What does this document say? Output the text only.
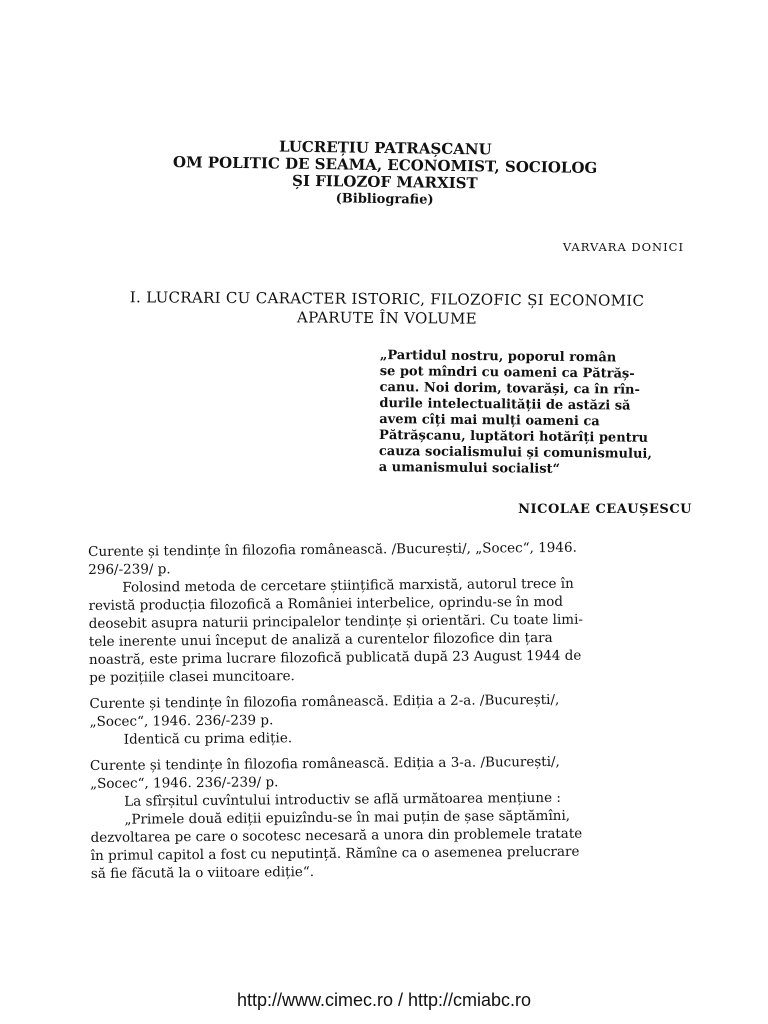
LUCREȚIU PATRAȘCANU
OM POLITIC DE SEAMA, ECONOMIST, SOCIOLOG
ȘI FILOZOF MARXIST
(Bibliografie)
VARVARA DONICI
I. LUCRARI CU CARACTER ISTORIC, FILOZOFIC ȘI ECONOMIC
APARUTE ÎN VOLUME
„Partidul nostru, poporul român
se pot mîndri cu oameni ca Pătrăș-
canu. Noi dorim, tovarăși, ca în rîn-
durile intelectualității de astăzi să
avem cîți mai mulți oameni ca
Pătrășcanu, luptători hotărîți pentru
cauza socialismului și comunismului,
a umanismului socialist“
NICOLAE CEAUȘESCU
Curente și tendințe în filozofia românească. /București/, „Socec“, 1946.
296/-239/ p.
Folosind metoda de cercetare științifică marxistă, autorul trece în
revistă producția filozofică a României interbelice, oprindu-se în mod
deosebit asupra naturii principalelor tendințe și orientări. Cu toate limi-
tele inerente unui început de analiză a curentelor filozofice din țara
noastră, este prima lucrare filozofică publicată după 23 August 1944 de
pe pozițiile clasei muncitoare.
Curente și tendințe în filozofia românească. Ediția a 2-a. /București/,
„Socec“, 1946. 236/-239 p.
Identică cu prima ediție.
Curente și tendințe în filozofia românească. Ediția a 3-a. /București/,
„Socec“, 1946. 236/-239/ p.
La sfîrșitul cuvîntului introductiv se află următoarea mențiune :
„Primele două ediții epuizîndu-se în mai puțin de șase săptămîni,
dezvoltarea pe care o socotesc necesară a unora din problemele tratate
în primul capitol a fost cu neputință. Rămîne ca o asemenea prelucrare
să fie făcută la o viitoare ediție“.
http://www.cimec.ro / http://cmiabc.ro
